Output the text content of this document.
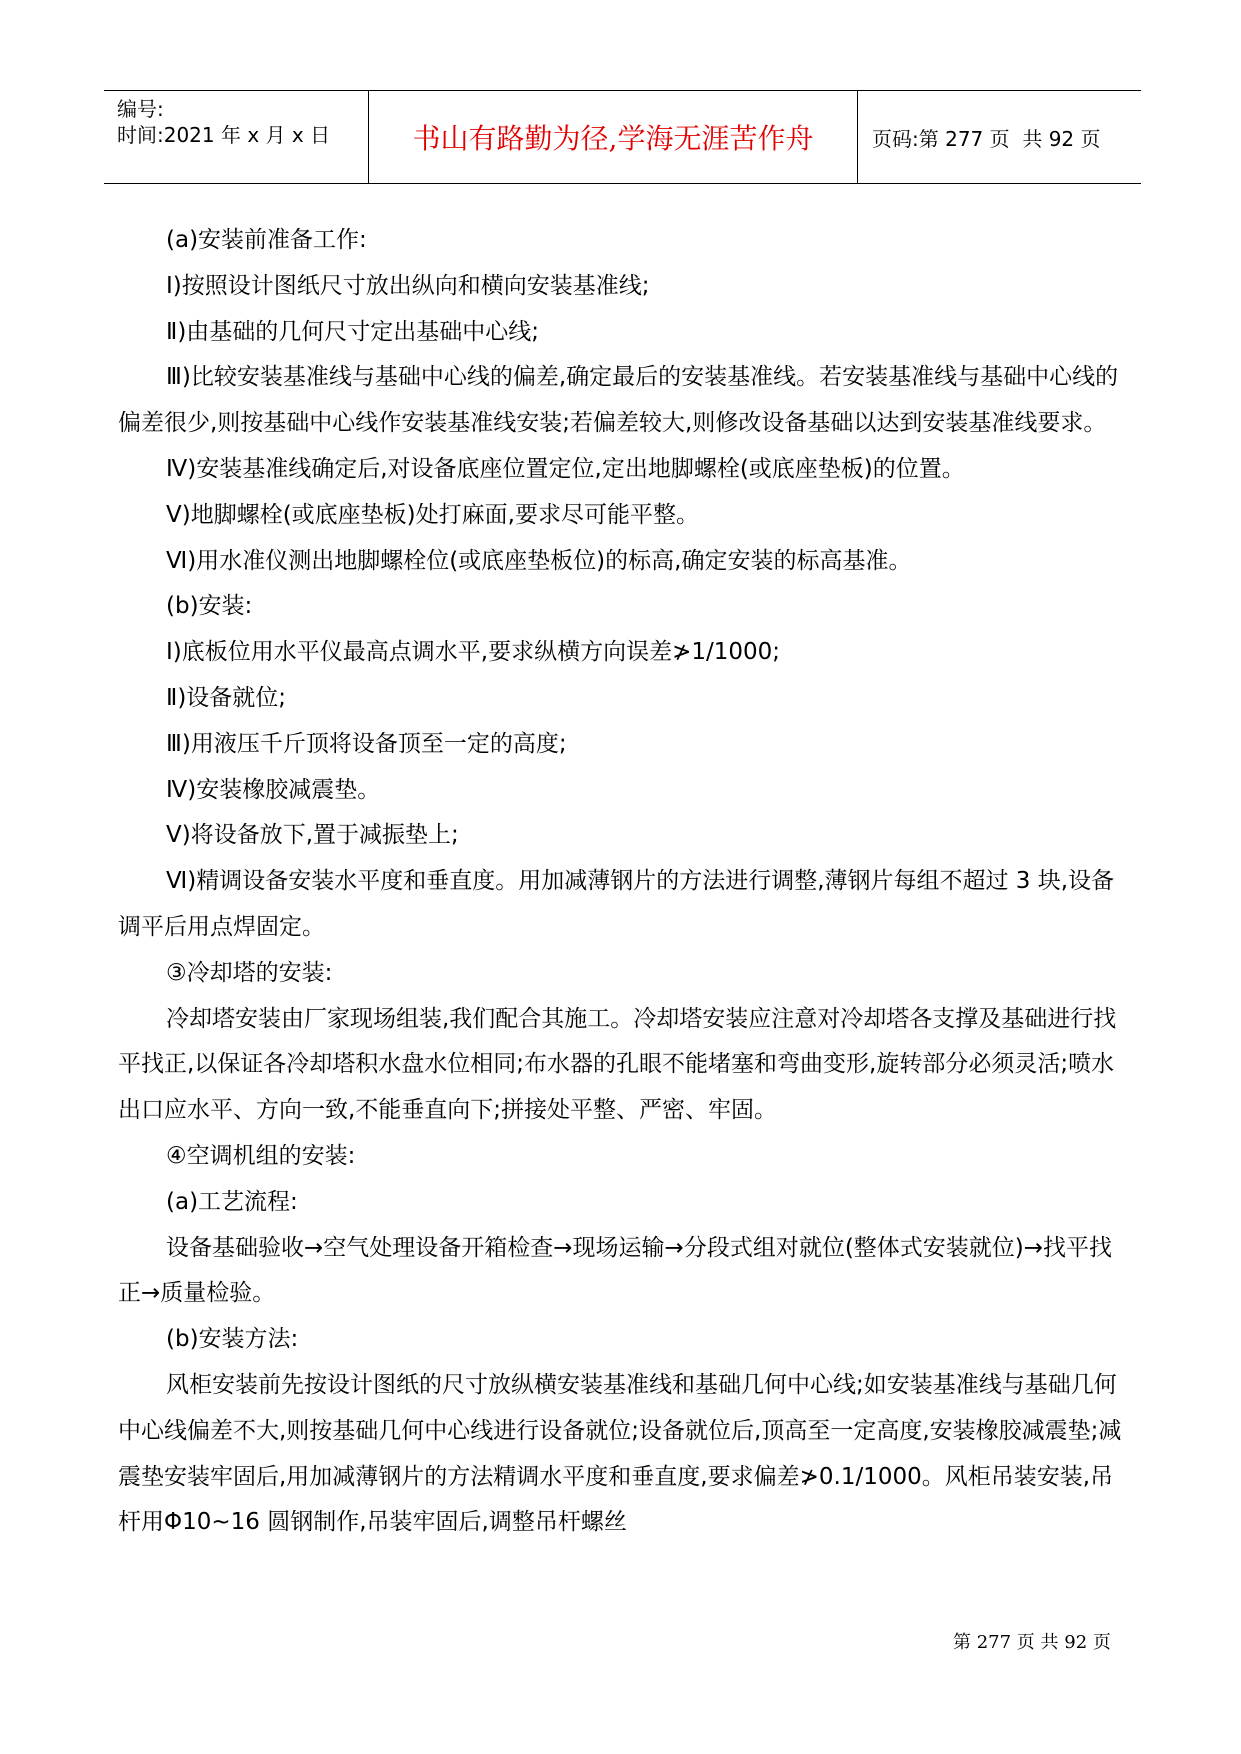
编号:
时间:2021 年 x 月 x 日	书山有路勤为径,学海无涯苦作舟	页码:第 277 页  共 92 页

(a)安装前准备工作:

Ⅰ)按照设计图纸尺寸放出纵向和横向安装基准线;

Ⅱ)由基础的几何尺寸定出基础中心线;

Ⅲ)比较安装基准线与基础中心线的偏差,确定最后的安装基准线。若安装基准线与基础中心线的偏差很少,则按基础中心线作安装基准线安装;若偏差较大,则修改设备基础以达到安装基准线要求。

Ⅳ)安装基准线确定后,对设备底座位置定位,定出地脚螺栓(或底座垫板)的位置。

Ⅴ)地脚螺栓(或底座垫板)处打麻面,要求尽可能平整。

Ⅵ)用水准仪测出地脚螺栓位(或底座垫板位)的标高,确定安装的标高基准。

(b)安装:

Ⅰ)底板位用水平仪最高点调水平,要求纵横方向误差≯1/1000;

Ⅱ)设备就位;

Ⅲ)用液压千斤顶将设备顶至一定的高度;

Ⅳ)安装橡胶减震垫。

Ⅴ)将设备放下,置于减振垫上;

Ⅵ)精调设备安装水平度和垂直度。用加减薄钢片的方法进行调整,薄钢片每组不超过 3 块,设备调平后用点焊固定。

③冷却塔的安装:

冷却塔安装由厂家现场组装,我们配合其施工。冷却塔安装应注意对冷却塔各支撑及基础进行找平找正,以保证各冷却塔积水盘水位相同;布水器的孔眼不能堵塞和弯曲变形,旋转部分必须灵活;喷水出口应水平、方向一致,不能垂直向下;拼接处平整、严密、牢固。

④空调机组的安装:

(a)工艺流程:

设备基础验收→空气处理设备开箱检查→现场运输→分段式组对就位(整体式安装就位)→找平找正→质量检验。

(b)安装方法:

风柜安装前先按设计图纸的尺寸放纵横安装基准线和基础几何中心线;如安装基准线与基础几何中心线偏差不大,则按基础几何中心线进行设备就位;设备就位后,顶高至一定高度,安装橡胶减震垫;减震垫安装牢固后,用加减薄钢片的方法精调水平度和垂直度,要求偏差≯0.1/1000。风柜吊装安装,吊杆用Φ10~16 圆钢制作,吊装牢固后,调整吊杆螺丝

第 277 页 共 92 页
